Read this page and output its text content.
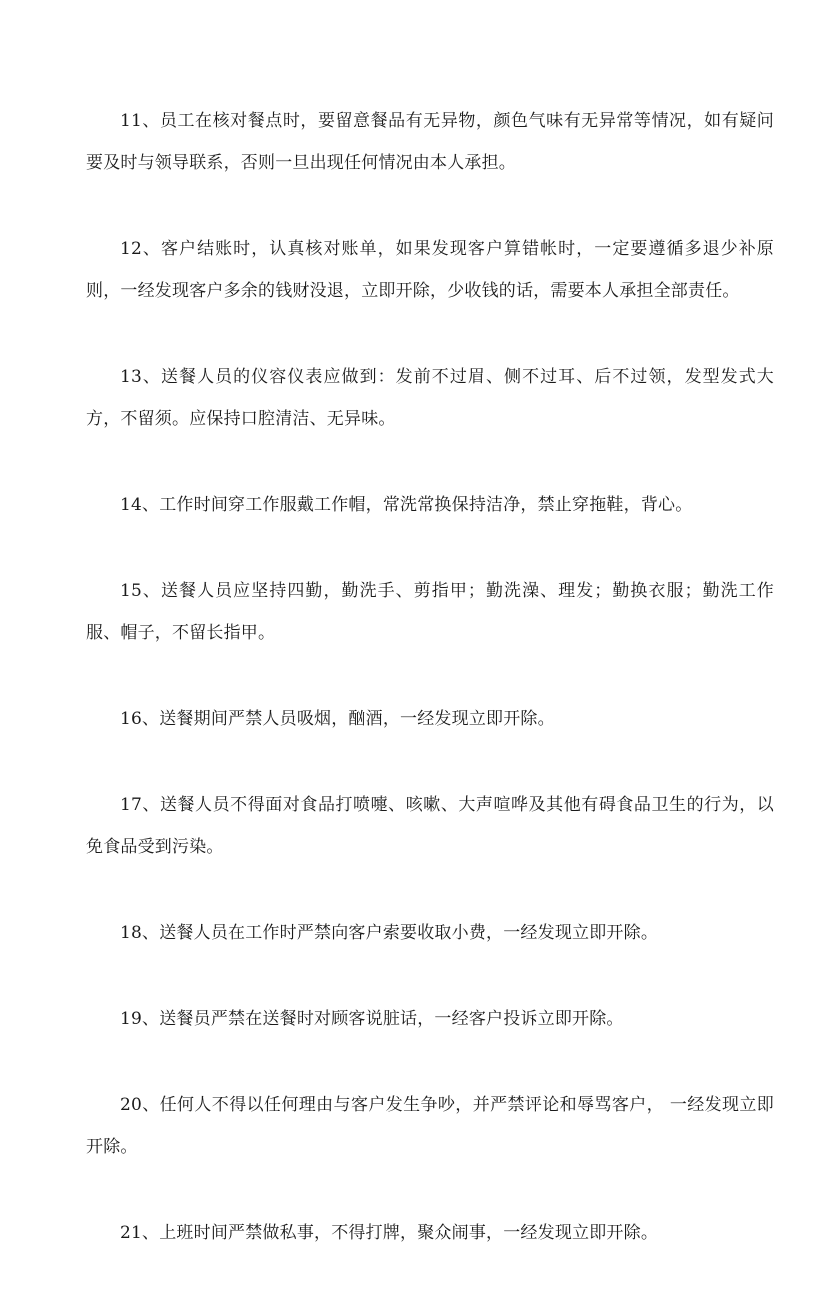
11、员工在核对餐点时，要留意餐品有无异物，颜色气味有无异常等情况，如有疑问要及时与领导联系，否则一旦出现任何情况由本人承担。

12、客户结账时，认真核对账单，如果发现客户算错帐时，一定要遵循多退少补原则，一经发现客户多余的钱财没退，立即开除，少收钱的话，需要本人承担全部责任。

13、送餐人员的仪容仪表应做到：发前不过眉、侧不过耳、后不过领，发型发式大方，不留须。应保持口腔清洁、无异味。

14、工作时间穿工作服戴工作帽，常洗常换保持洁净，禁止穿拖鞋，背心。

15、送餐人员应坚持四勤，勤洗手、剪指甲；勤洗澡、理发；勤换衣服；勤洗工作服、帽子，不留长指甲。

16、送餐期间严禁人员吸烟，酗酒，一经发现立即开除。

17、送餐人员不得面对食品打喷嚏、咳嗽、大声喧哗及其他有碍食品卫生的行为，以免食品受到污染。

18、送餐人员在工作时严禁向客户索要收取小费，一经发现立即开除。

19、送餐员严禁在送餐时对顾客说脏话，一经客户投诉立即开除。

20、任何人不得以任何理由与客户发生争吵，并严禁评论和辱骂客户， 一经发现立即开除。

21、上班时间严禁做私事，不得打牌，聚众闹事，一经发现立即开除。
